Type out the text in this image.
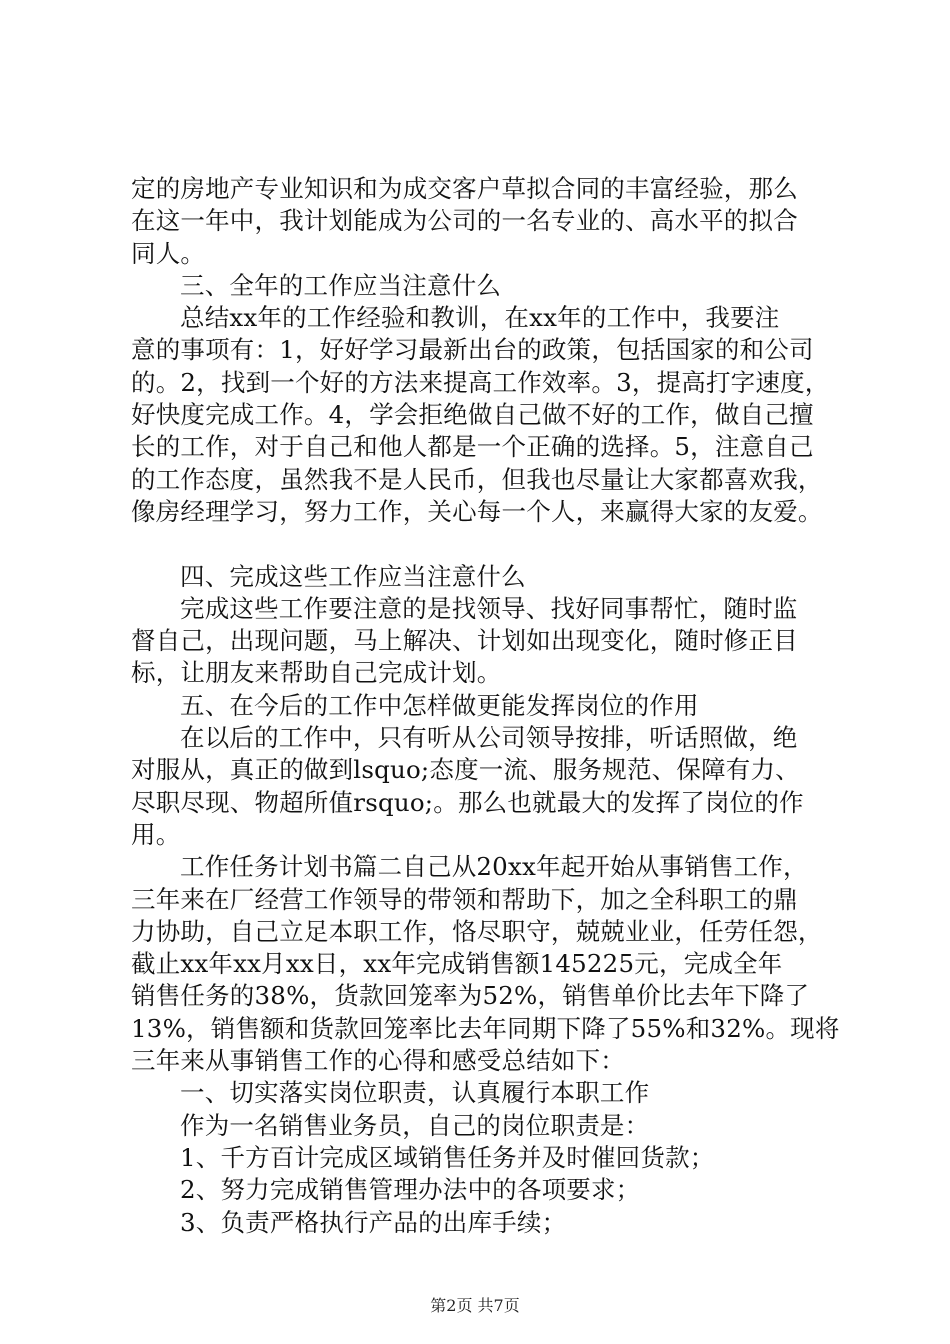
定的房地产专业知识和为成交客户草拟合同的丰富经验，那么
在这一年中，我计划能成为公司的一名专业的、高水平的拟合
同人。
三、全年的工作应当注意什么
总结xx年的工作经验和教训，在xx年的工作中，我要注
意的事项有：1，好好学习最新出台的政策，包括国家的和公司
的。2，找到一个好的方法来提高工作效率。3，提高打字速度，
好快度完成工作。4，学会拒绝做自己做不好的工作，做自己擅
长的工作，对于自己和他人都是一个正确的选择。5，注意自己
的工作态度，虽然我不是人民币，但我也尽量让大家都喜欢我，
像房经理学习，努力工作，关心每一个人，来赢得大家的友爱。
四、完成这些工作应当注意什么
完成这些工作要注意的是找领导、找好同事帮忙，随时监
督自己，出现问题，马上解决、计划如出现变化，随时修正目
标，让朋友来帮助自己完成计划。
五、在今后的工作中怎样做更能发挥岗位的作用
在以后的工作中，只有听从公司领导按排，听话照做，绝
对服从，真正的做到lsquo;态度一流、服务规范、保障有力、
尽职尽现、物超所值rsquo;。那么也就最大的发挥了岗位的作
用。
工作任务计划书篇二自己从20xx年起开始从事销售工作，
三年来在厂经营工作领导的带领和帮助下，加之全科职工的鼎
力协助，自己立足本职工作，恪尽职守，兢兢业业，任劳任怨，
截止xx年xx月xx日，xx年完成销售额145225元，完成全年
销售任务的38%，货款回笼率为52%，销售单价比去年下降了
13%，销售额和货款回笼率比去年同期下降了55%和32%。现将
三年来从事销售工作的心得和感受总结如下：
一、切实落实岗位职责，认真履行本职工作
作为一名销售业务员，自己的岗位职责是：
1、千方百计完成区域销售任务并及时催回货款；
2、努力完成销售管理办法中的各项要求；
3、负责严格执行产品的出库手续；
第2页 共7页
